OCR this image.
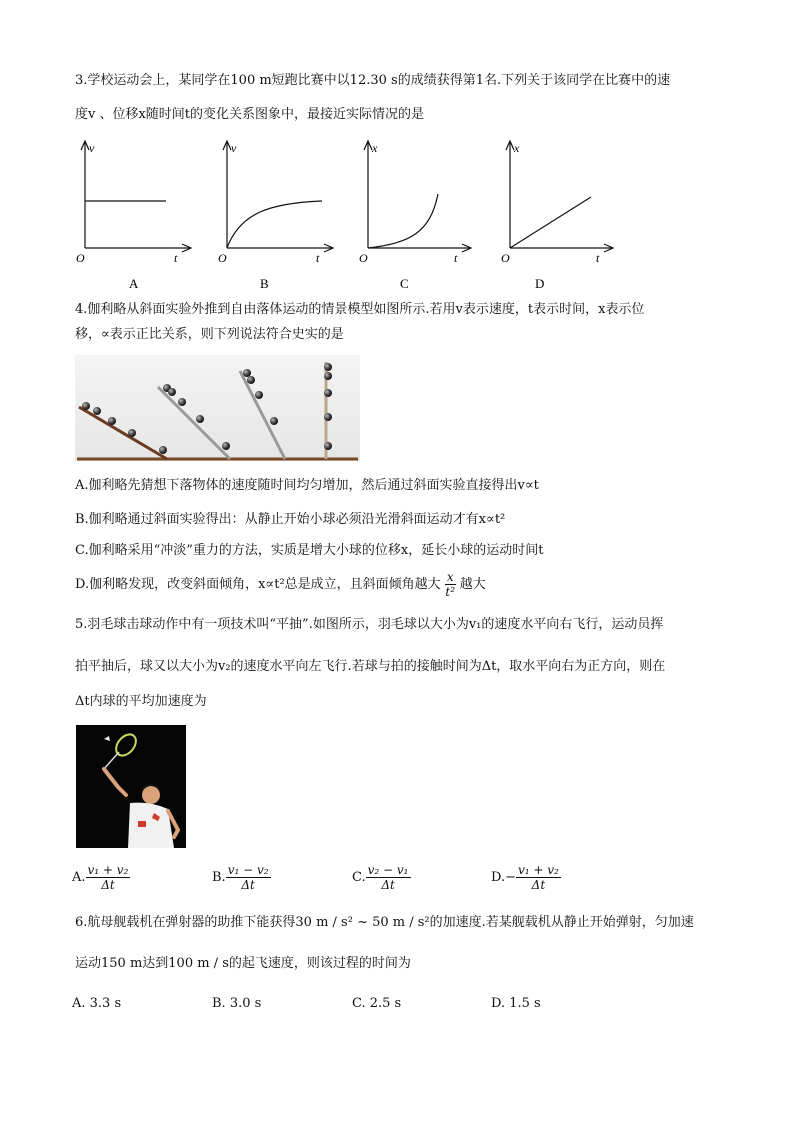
3.学校运动会上，某同学在100 m短跑比赛中以12.30 s的成绩获得第1名.下列关于该同学在比赛中的速
度v 、位移x随时间t的变化关系图象中，最接近实际情况的是
v
t
O
A
v
t
O
B
x
t
O
C
x
t
O
D
4.伽利略从斜面实验外推到自由落体运动的情景模型如图所示.若用v表示速度，t表示时间，x表示位
移，∝表示正比关系，则下列说法符合史实的是
A.伽利略先猜想下落物体的速度随时间均匀增加，然后通过斜面实验直接得出v∝t
B.伽利略通过斜面实验得出：从静止开始小球必须沿光滑斜面运动才有x∝t²
C.伽利略采用“冲淡”重力的方法，实质是增大小球的位移x，延长小球的运动时间t
D.伽利略发现，改变斜面倾角，x∝t²总是成立，且斜面倾角越大 $\frac{x}{\text{t²}}$ 越大
5.羽毛球击球动作中有一项技术叫“平抽”.如图所示，羽毛球以大小为v₁的速度水平向右飞行，运动员挥
拍平抽后，球又以大小为v₂的速度水平向左飞行.若球与拍的接触时间为Δt，取水平向右为正方向，则在
Δt内球的平均加速度为
A. $\frac{\text{v₁ + v₂}}{\Delta t}$	B. $\frac{\text{v₁ − v₂}}{\Delta t}$	C. $\frac{\text{v₂ − v₁}}{\Delta t}$	$D.- \frac{\text{v₁ + v₂}}{\Delta t}$
6.航母舰载机在弹射器的助推下能获得30 m / s² ~ 50 m / s²的加速度.若某舰载机从静止开始弹射，匀加速
运动150 m达到100 m / s的起飞速度，则该过程的时间为
A. 3.3 s	B. 3.0 s	C. 2.5 s	D. 1.5 s
